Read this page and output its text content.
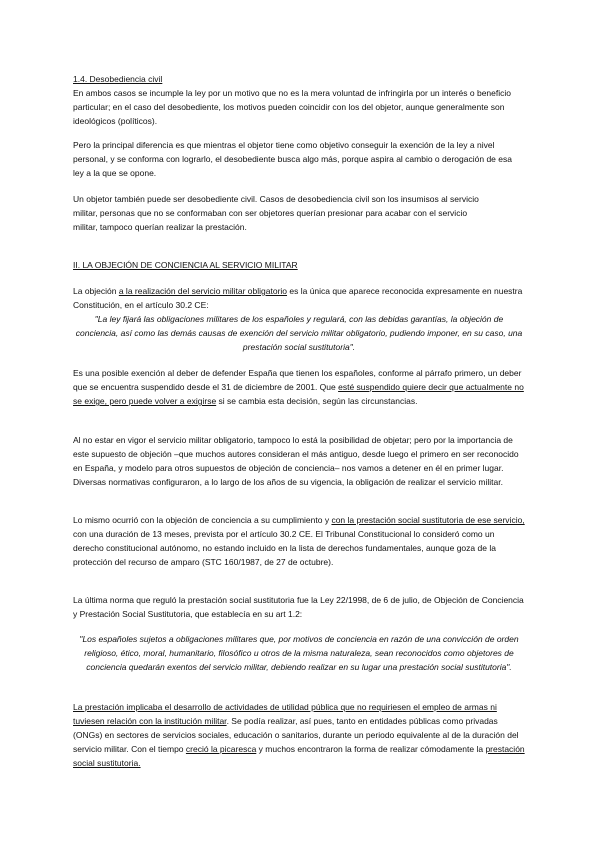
1.4. Desobediencia civil

En ambos casos se incumple la ley por un motivo que no es la mera voluntad de infringirla por un interés o beneficio particular; en el caso del desobediente, los motivos pueden coincidir con los del objetor, aunque generalmente son ideológicos (políticos).

Pero la principal diferencia es que mientras el objetor tiene como objetivo conseguir la exención de la ley a nivel personal, y se conforma con lograrlo, el desobediente busca algo más, porque aspira al cambio o derogación de esa ley a la que se opone.

Un objetor también puede ser desobediente civil. Casos de desobediencia civil son los insumisos al servicio militar, personas que no se conformaban con ser objetores querían presionar para acabar con el servicio militar, tampoco querían realizar la prestación.

II. LA OBJECIÓN DE CONCIENCIA AL SERVICIO MILITAR

La objeción a la realización del servicio militar obligatorio es la única que aparece reconocida expresamente en nuestra Constitución, en el artículo 30.2 CE:

"La ley fijará las obligaciones militares de los españoles y regulará, con las debidas garantías, la objeción de conciencia, así como las demás causas de exención del servicio militar obligatorio, pudiendo imponer, en su caso, una prestación social sustitutoria".

Es una posible exención al deber de defender España que tienen los españoles, conforme al párrafo primero, un deber que se encuentra suspendido desde el 31 de diciembre de 2001. Que esté suspendido quiere decir que actualmente no se exige, pero puede volver a exigirse si se cambia esta decisión, según las circunstancias.

Al no estar en vigor el servicio militar obligatorio, tampoco lo está la posibilidad de objetar; pero por la importancia de este supuesto de objeción –que muchos autores consideran el más antiguo, desde luego el primero en ser reconocido en España, y modelo para otros supuestos de objeción de conciencia– nos vamos a detener en él en primer lugar. Diversas normativas configuraron, a lo largo de los años de su vigencia, la obligación de realizar el servicio militar.

Lo mismo ocurrió con la objeción de conciencia a su cumplimiento y con la prestación social sustitutoria de ese servicio, con una duración de 13 meses, prevista por el artículo 30.2 CE. El Tribunal Constitucional lo consideró como un derecho constitucional autónomo, no estando incluido en la lista de derechos fundamentales, aunque goza de la protección del recurso de amparo (STC 160/1987, de 27 de octubre).

La última norma que reguló la prestación social sustitutoria fue la Ley 22/1998, de 6 de julio, de Objeción de Conciencia y Prestación Social Sustitutoria, que establecía en su art 1.2:

"Los españoles sujetos a obligaciones militares que, por motivos de conciencia en razón de una convicción de orden religioso, ético, moral, humanitario, filosófico u otros de la misma naturaleza, sean reconocidos como objetores de conciencia quedarán exentos del servicio militar, debiendo realizar en su lugar una prestación social sustitutoria".

La prestación implicaba el desarrollo de actividades de utilidad pública que no requiriesen el empleo de armas ni tuviesen relación con la institución militar. Se podía realizar, así pues, tanto en entidades públicas como privadas (ONGs) en sectores de servicios sociales, educación o sanitarios, durante un periodo equivalente al de la duración del servicio militar. Con el tiempo creció la picaresca y muchos encontraron la forma de realizar cómodamente la prestación social sustitutoria.
